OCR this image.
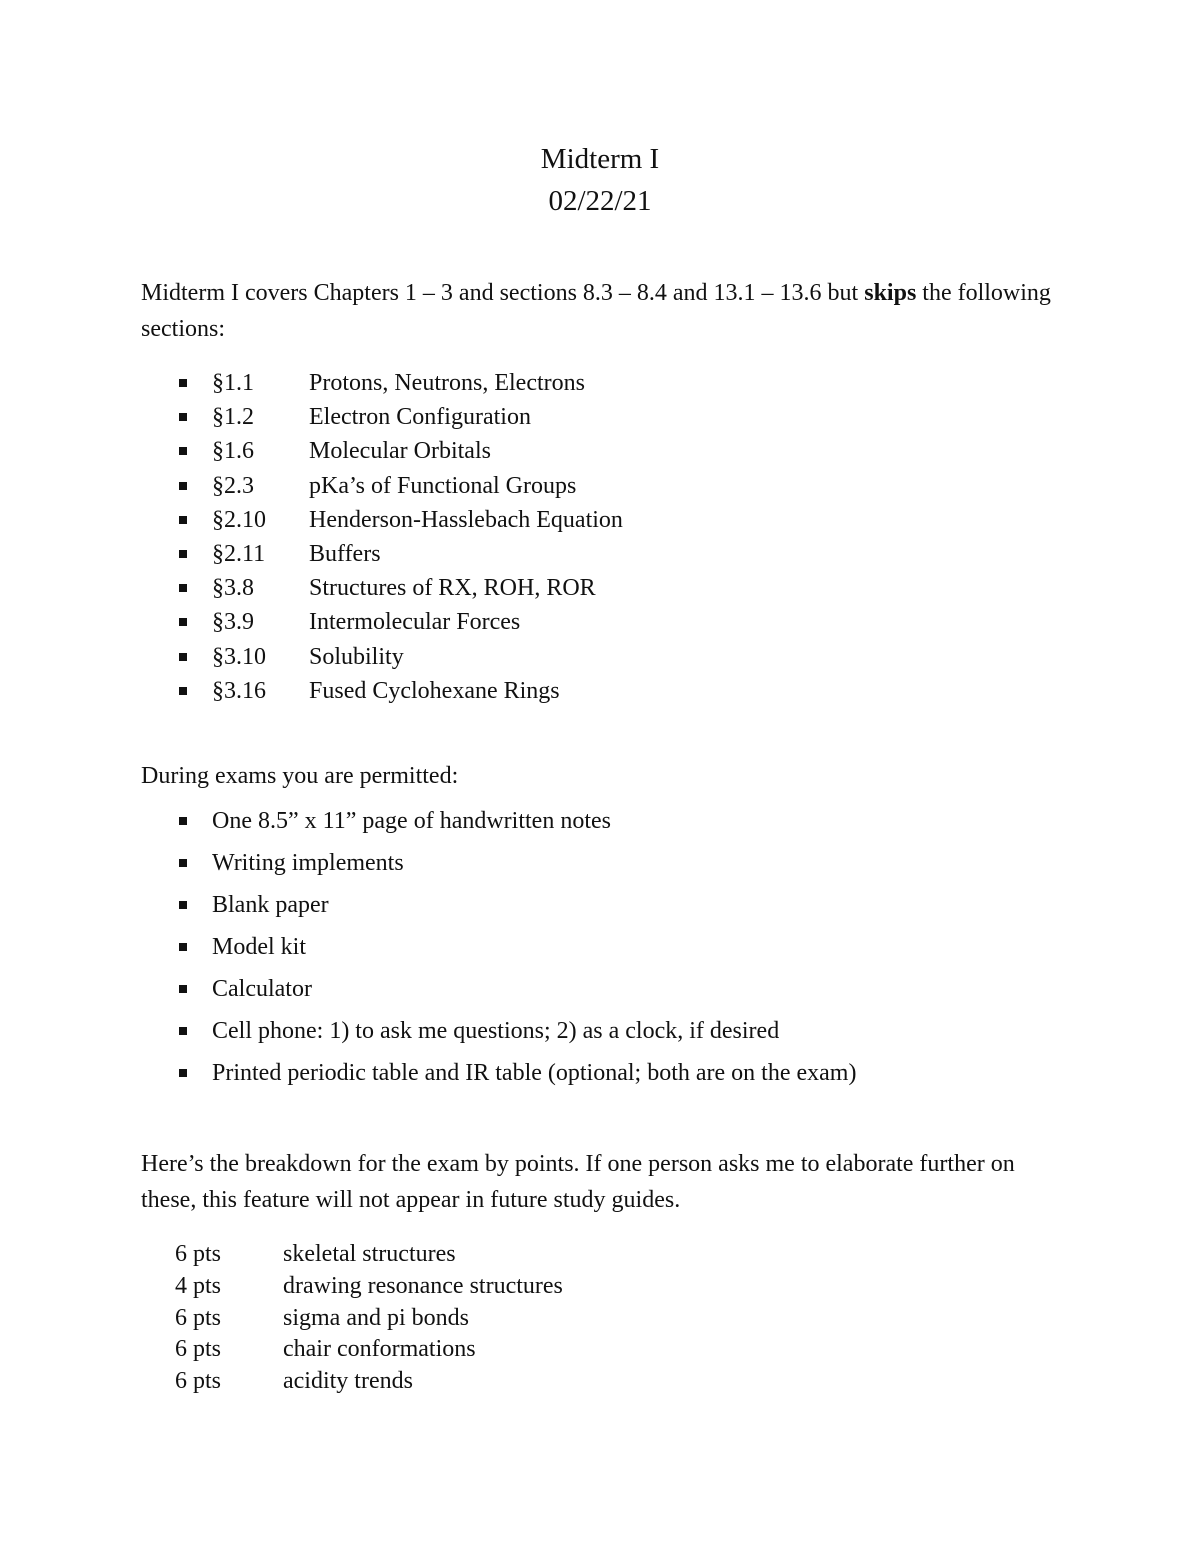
Midterm I
02/22/21

Midterm I covers Chapters 1 – 3 and sections 8.3 – 8.4 and 13.1 – 13.6 but skips the following sections:

§1.1 Protons, Neutrons, Electrons
§1.2 Electron Configuration
§1.6 Molecular Orbitals
§2.3 pKa’s of Functional Groups
§2.10 Henderson-Hasslebach Equation
§2.11 Buffers
§3.8 Structures of RX, ROH, ROR
§3.9 Intermolecular Forces
§3.10 Solubility
§3.16 Fused Cyclohexane Rings

During exams you are permitted:

One 8.5” x 11” page of handwritten notes
Writing implements
Blank paper
Model kit
Calculator
Cell phone: 1) to ask me questions; 2) as a clock, if desired
Printed periodic table and IR table (optional; both are on the exam)

Here’s the breakdown for the exam by points. If one person asks me to elaborate further on these, this feature will not appear in future study guides.

6 pts	skeletal structures
4 pts	drawing resonance structures
6 pts	sigma and pi bonds
6 pts	chair conformations
6 pts	acidity trends
